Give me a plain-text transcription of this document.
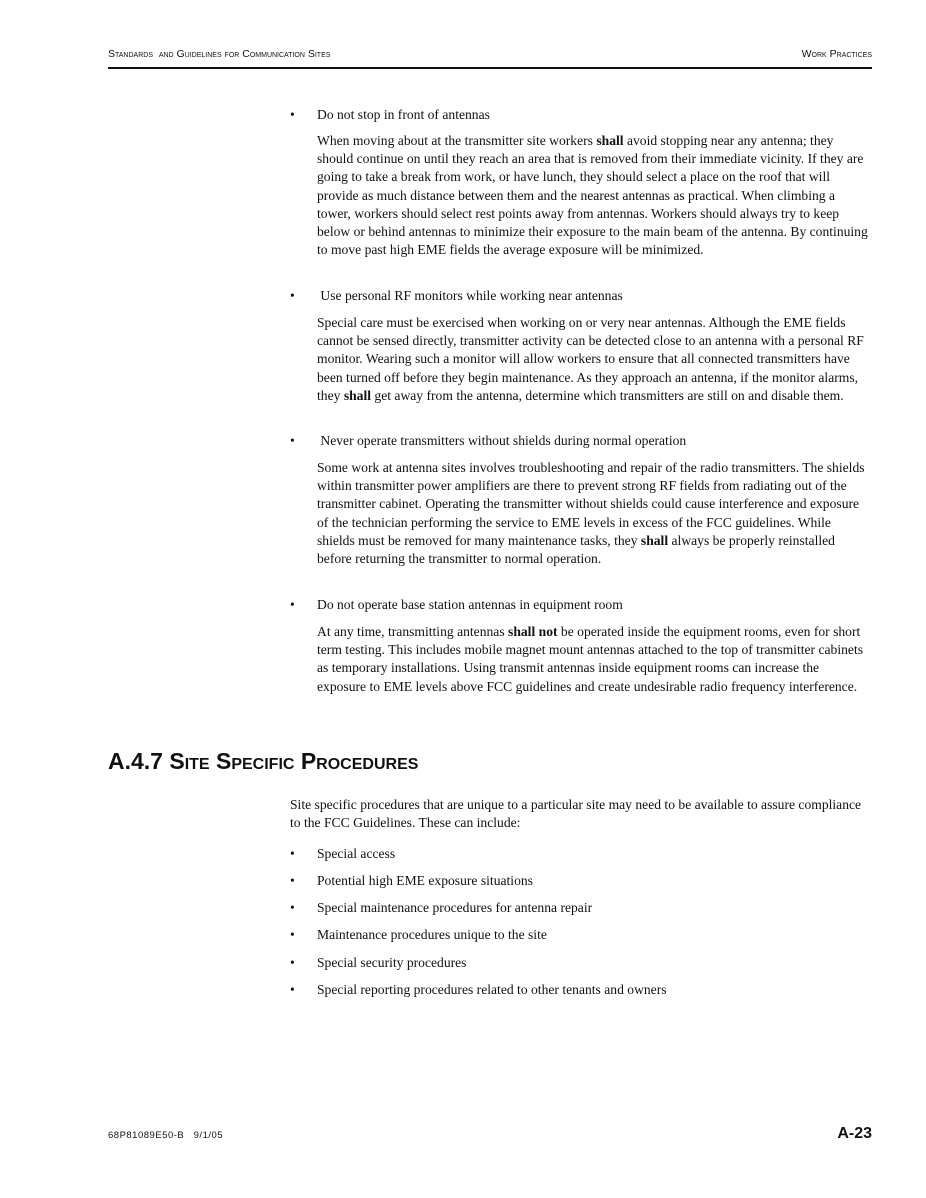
Standards  and Guidelines for Communication Sites	Work Practices
• Do not stop in front of antennas
When moving about at the transmitter site workers shall avoid stopping near any antenna; they should continue on until they reach an area that is removed from their immediate vicinity. If they are going to take a break from work, or have lunch, they should select a place on the roof that will provide as much distance between them and the nearest antennas as practical. When climbing a tower, workers should select rest points away from antennas. Workers should always try to keep below or behind antennas to minimize their exposure to the main beam of the antenna. By continuing to move past high EME fields the average exposure will be minimized.
• Use personal RF monitors while working near antennas
Special care must be exercised when working on or very near antennas. Although the EME fields cannot be sensed directly, transmitter activity can be detected close to an antenna with a personal RF monitor. Wearing such a monitor will allow workers to ensure that all connected transmitters have been turned off before they begin maintenance. As they approach an antenna, if the monitor alarms, they shall get away from the antenna, determine which transmitters are still on and disable them.
• Never operate transmitters without shields during normal operation
Some work at antenna sites involves troubleshooting and repair of the radio transmitters. The shields within transmitter power amplifiers are there to prevent strong RF fields from radiating out of the transmitter cabinet. Operating the transmitter without shields could cause interference and exposure of the technician performing the service to EME levels in excess of the FCC guidelines. While shields must be removed for many maintenance tasks, they shall always be properly reinstalled before returning the transmitter to normal operation.
• Do not operate base station antennas in equipment room
At any time, transmitting antennas shall not be operated inside the equipment rooms, even for short term testing. This includes mobile magnet mount antennas attached to the top of transmitter cabinets as temporary installations. Using transmit antennas inside equipment rooms can increase the exposure to EME levels above FCC guidelines and create undesirable radio frequency interference.
A.4.7 Site Specific Procedures
Site specific procedures that are unique to a particular site may need to be available to assure compliance to the FCC Guidelines. These can include:
• Special access
• Potential high EME exposure situations
• Special maintenance procedures for antenna repair
• Maintenance procedures unique to the site
• Special security procedures
• Special reporting procedures related to other tenants and owners
68P81089E50-B   9/1/05	A-23
